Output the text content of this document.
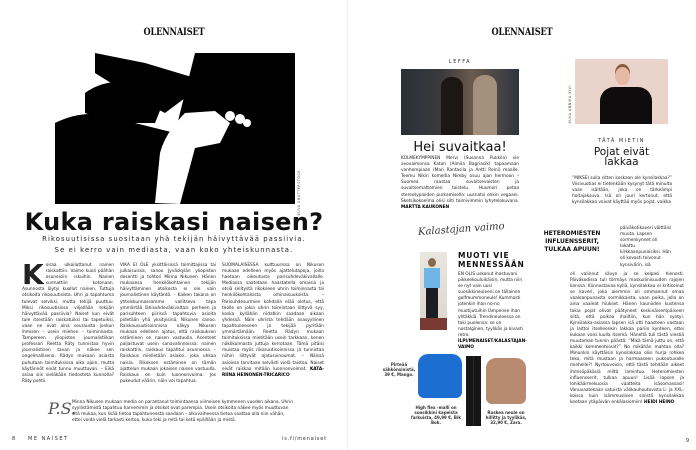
OLENNAISET
KUVA SHUTTERSTOCK
Kuka raiskasi naisen?
Rikosuutisissa suositaan yhä tekijän häivyttävää passiivia.
Se ei kerro vain mediasta, vaan koko yhteiskunnasta.
Koiraa ulkoiluttanut nainen raiskattiin. Vaimo kuoli päähän osuneisiin iskuihin. Nainen surmattiin kotonaan. Asunnosta löytyi kuollut nainen. Tuttuja otsikoita rikosuutisista. Uhri ja tapahtuma tulevat selviksi, mutta tekijä puuttuu. Miksi rikosuutisissa viljellään tekijän häivyttävää passiivia? Naiset kun eivät tule itsestään raiskatuiksi tai tapetuiksi, vaan ne ovat aina seurausta jonkun ihmisen – usein miehen – toiminnasta. Tampereen yliopiston journalistiikan professori Reetta Räty tunnistaa hyvin journalistisen tavan ja näkee sen ongelmallisena. Rädyn mukaan asiasta puhutaan toimituksissa aika ajoin, mutta käytännöt eivät tunnu muuttuvan. – Eikä asiaa siis vieläkään tiedosteta kunnolla? Räty pohtii.
VIKA EI OLE yksittäisissä toimittajissa tai julkaisuissa, sanoo Jyväskylän yliopiston dosentti ja tohtori Minna Nikunen. Hänen mukaansa henkilökohtainen tekijän häivyttäminen otsikosta ei ole vain journalistinen käytäntö. – Kaiken takana on yhteiskunnassamme vallitseva tapa ymmärtää lähisuhdeväkivaltaa: perheen ja parisuhteen piirissä tapahtuvia asioita pidetään yhä yksityisinä, Nikunen sanoo. Raiskausuutisoinnissa näkyy Nikusen mukaan edelleen ajatus, että raiskauksen estäminen on naisen vastuulla. Asenteet paljastuvat usein sanavalinnoissa: nainen raiskattiin, raiskaus tapahtui asunnossa. – Raiskaus mielletään asiaksi, joka uhkaa naisia. Rikoksen estäminen on tämän ajattelun mukaan jokaisen naisen vastuulla. Raiskaus on kuin luonnonvoima. Jos pukeudut väärin, näin voi tapahtua.
SUOMALAISESSA kulttuurissa on Nikusen mukaan edelleen myös ajattelutapoja, joilla haetaan oikeutusta parisuhdeväkivallalle. Mediassa saatetaan haastatella omaisia ja etsiä selitystä rikokseen uhrin toiminnasta tai henkilökohtaisista ominaisuuksista. – Parisuhdesurmien kohdalla elää oletus, että teolle on jokin uhrin toimintaan liittyvä syy, koska kyllähän riidatkin saadaan aikaan yhdessä. Näin uhrista tehdään osasyyllinen tapahtuneeseen ja tekijää pyritään ymmärtämään. Reetta Rädyn mukaan toimituksissa mietitään usein tarkkaan, kenen näkökulmasta juttuja kerrotaan. Tämä pitäisi muistaa myös rikosuutisoinnissa ja tunnistaa niihin liittyvät ajatusvinoumat. – Näissä asioissa tarvitaan selvästi vielä taistoa. Naiset eivät raiskaa mitään luonnonvoimat. KATA-RIINA HEINONEN-TRICARICO
P.S.
Minna Nikusen mukaan media on parantanut toimintaansa viimeisen kymmenen vuoden aikana. Uhrin syyllistämistä tapahtuu harvemmin ja otsikot ovat parempia. Usein otsikoita näkee myös muuttuvan sitä mukaa, kun lisää tietoa tapahtuneesta saadaan – alkuvaiheessa tietoa saattaa olla niin vähän, ettei voida vielä tarkasti kertoa, kuka teki ja mitä tai ketä epäillään ja mistä.
8 ME NAISET	is.fi/menaiset
OLENNAISET
LEFFA
Hei suvaitkaa!
KOLMEKYMPPINEN Mervi (Susanna Pukkila) vie avovaimonsa Katan (Almila Bagriacik) tapaamaan vanhempiaan (Mari Rantasila ja Antti Reini) maalle. Teemu Nikin komedia Nimby osuu ajan hermoon – Suomea raastaa suvaitsevaisten ja suvaitsemattomien taistelu. Huumori petaa stereotypioiden purkamisella: uusnatsi onkin vegaani. Sketsikokoelma olisi silti toimivimmin lyhytelokuvana. MARTTA KAUKONEN
KUVA ANNIKA KIVI
TÄTÄ MIETIN
Pojat eivät
lakkaa
”MIKSEI sulla sitten koskaan ole kynsilakkaa?” Viisivuotias ei tietenkään kysynyt tätä minulta vaan isältään, joka on tärkeämpi hoitajaksuva. Isä oli juuri kertonut, että kynsilakkaa voivat käyttää myös pojat, vaikka
HETEROMIESTEN
INFLUENSSERIT,
TULKAA APUUN!
päiväkotikaveri väittäisi muuta. Lapsen sormenkynnet oli lakattu kirkkaanpunaisiksi. Hän oli kovasti toivonut kynsivärin, isä
oli valinnut sävyn ja se kelpasi hienosti. Päiväkodissa tuli törmäys maskuliinisuuden rajojen kanssa. Kiinnostavaa kyllä, kynsilakkaa ei kritisoinut se kaveri, joka aiemmin oli ommannut omaa vaaleanpunaista sormikkaista, vaan poika, jolla on aina vaaleat hiukset. Hänen kauniiden kustensa takia pojat olivat päätyneet keskinäisempäiseen siitä, että poikaa ihailtiin, kun hän syntyi. Kynsilakka-asiassa lapsen isä otti haasteen vastaan ja laittoi itselleenkin lakkaa pariin kynteen, ettei kukaan voisi luulla itsemä. Häneltä tuli tästä viestiä muutaman tunnin päästä: ”Mikä tämä juttu on, että kaikki kommentoivat?” No mikähän mahtaa olla? Minunkin käyttäisin kynsilakkaa olisi hurja rohkea teko, mitä mustaan ja harmaaseen pukeutuvalle miehelle?! Nyrtouvoisin, että tästä tehdään aikeet ihmisöpäkäsiä miltä lamintuo. Heteromiesten influensserit, tulkaa apuun! Lisää lapsen ja lohikäärmekuosia vaatteita isäsomassasi! Vanuvaatekaan satuista välikauhoutovista L- ja XXL-koissa kuin isämmuslisen sinistä kynsilakkaa koetaan ytäpäivän enkälasiomiin! HEIDI HEINO
Kalastajan vaimo
MUOTI VIE
MENNESSÄÄN
EN OLIS uskonut ihastuvani pikkeekouluikäisin, mutta niin se nyt vain uusi suosikkineuleeni on tällainen golfmummoneule! Kummasti jotenkin ihan no-no muotijutuihin lämpenee ihan yhtäkkiä. Trendineuleessa on taki puolensa: se on nostalginen, tyylikäs ja kivasti retro. ILPI/MENAISET/KALASTAJAN-VAIMO
Pirteää sähkönsinistä, 39 €, Mango.
High flex -malli on suosikkini kapeista farkuista, 49,99 €, Bik Bok.
Ruskea neule on hillitty ja tyylikäs, 32,90 €, Zara.
9
